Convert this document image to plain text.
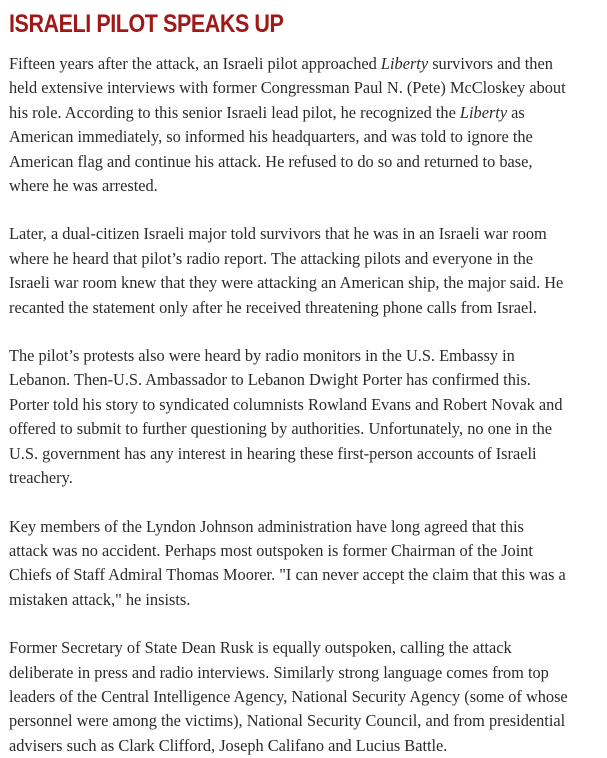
ISRAELI PILOT SPEAKS UP

Fifteen years after the attack, an Israeli pilot approached Liberty survivors and then
held extensive interviews with former Congressman Paul N. (Pete) McCloskey about
his role. According to this senior Israeli lead pilot, he recognized the Liberty as
American immediately, so informed his headquarters, and was told to ignore the
American flag and continue his attack. He refused to do so and returned to base,
where he was arrested.

Later, a dual-citizen Israeli major told survivors that he was in an Israeli war room
where he heard that pilot’s radio report. The attacking pilots and everyone in the
Israeli war room knew that they were attacking an American ship, the major said. He
recanted the statement only after he received threatening phone calls from Israel.

The pilot’s protests also were heard by radio monitors in the U.S. Embassy in
Lebanon. Then-U.S. Ambassador to Lebanon Dwight Porter has confirmed this.
Porter told his story to syndicated columnists Rowland Evans and Robert Novak and
offered to submit to further questioning by authorities. Unfortunately, no one in the
U.S. government has any interest in hearing these first-person accounts of Israeli
treachery.

Key members of the Lyndon Johnson administration have long agreed that this
attack was no accident. Perhaps most outspoken is former Chairman of the Joint
Chiefs of Staff Admiral Thomas Moorer. "I can never accept the claim that this was a
mistaken attack," he insists.

Former Secretary of State Dean Rusk is equally outspoken, calling the attack
deliberate in press and radio interviews. Similarly strong language comes from top
leaders of the Central Intelligence Agency, National Security Agency (some of whose
personnel were among the victims), National Security Council, and from presidential
advisers such as Clark Clifford, Joseph Califano and Lucius Battle.
